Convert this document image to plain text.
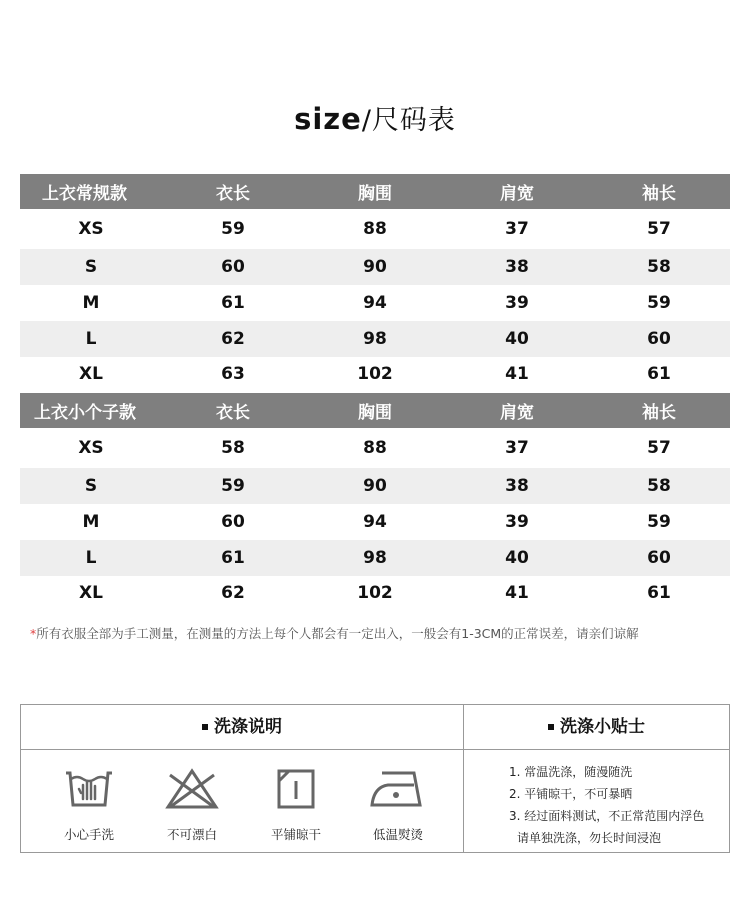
size/尺码表
上衣常规款	衣长	胸围	肩宽	袖长
XS	59	88	37	57
S	60	90	38	58
M	61	94	39	59
L	62	98	40	60
XL	63	102	41	61
上衣小个子款	衣长	胸围	肩宽	袖长
XS	58	88	37	57
S	59	90	38	58
M	60	94	39	59
L	61	98	40	60
XL	62	102	41	61
*所有衣服全部为手工测量，在测量的方法上每个人都会有一定出入，一般会有1-3CM的正常误差，请亲们谅解
洗涤说明	洗涤小贴士
小心手洗	不可漂白	平铺晾干	低温熨烫
1. 常温洗涤，随漫随洗
2. 平铺晾干，不可暴晒
3. 经过面料测试，不正常范围内浮色
请单独洗涤，勿长时间浸泡
